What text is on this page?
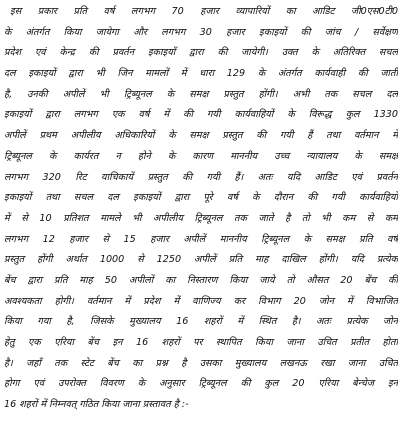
इस प्रकार प्रति वर्ष लगभग 70 हजार व्यापारियों का आडिट जी0एस0टी0
के अंतर्गत किया जायेगा और लगभग 30 हजार इकाइयों की जांच / सर्वेक्षण
प्रदेश एवं केन्द्र की प्रवर्तन इकाइयाँ द्वारा की जायेगी। उक्त के अतिरिक्त सचल
दल इकाइयों द्वारा भी जिन मामलों में धारा 129 के अंतर्गत कार्यवाही की जाती
है, उनकी अपीलें भी ट्रिब्यूनल के समक्ष प्रस्तुत होंगी। अभी तक सचल दल
इकाइयों द्वारा लगभग एक वर्ष में की गयी कार्यवाहियों के विरूद्ध कुल 1330
अपीलें प्रथम अपीलीय अधिकारियों के समक्ष प्रस्तुत की गयी हैं तथा वर्तमान में
ट्रिब्यूनल के कार्यरत न होने के कारण माननीय उच्च न्यायालय के समक्ष
लगभग 320 रिट याचिकायें प्रस्तुत की गयी हैं। अतः यदि आडिट एवं प्रवर्तन
इकाइयों तथा सचल दल इकाइयों द्वारा पूरे वर्ष के दौरान की गयी कार्यवाहियों
में से 10 प्रतिशत मामले भी अपीलीय ट्रिब्यूनल तक जाते है तो भी कम से कम
लगभग 12 हजार से 15 हजार अपीलें माननीय ट्रिब्यूनल के समक्ष प्रति वर्ष
प्रस्तुत होंगी अर्थात 1000 से 1250 अपीलें प्रति माह दाखिल होंगी। यदि प्रत्येक
बेंच द्वारा प्रति माह 50 अपीलों का निस्तारण किया जाये तो औसत 20 बेंच की
अवश्यकता होगी। वर्तमान में प्रदेश में वाणिज्य कर विभाग 20 जोन में विभाजित
किया गया है, जिसके मुख्यालय 16 शहरों में स्थित है। अतः प्रत्येक जोन
हेतु एक एरिया बेंच इन 16 शहरों पर स्थापित किया जाना उचित प्रतीत होता
है। जहाँ तक स्टेट बेंच का प्रश्न है उसका मुख्यालय लखनऊ रखा जाना उचित
होगा एवं उपरोक्त विवरण के अनुसार ट्रिब्यूनल की कुल 20 एरिया बेन्चेज इन
16 शहरों में निम्नवत् गठित किया जाना प्रस्तावत है :-
